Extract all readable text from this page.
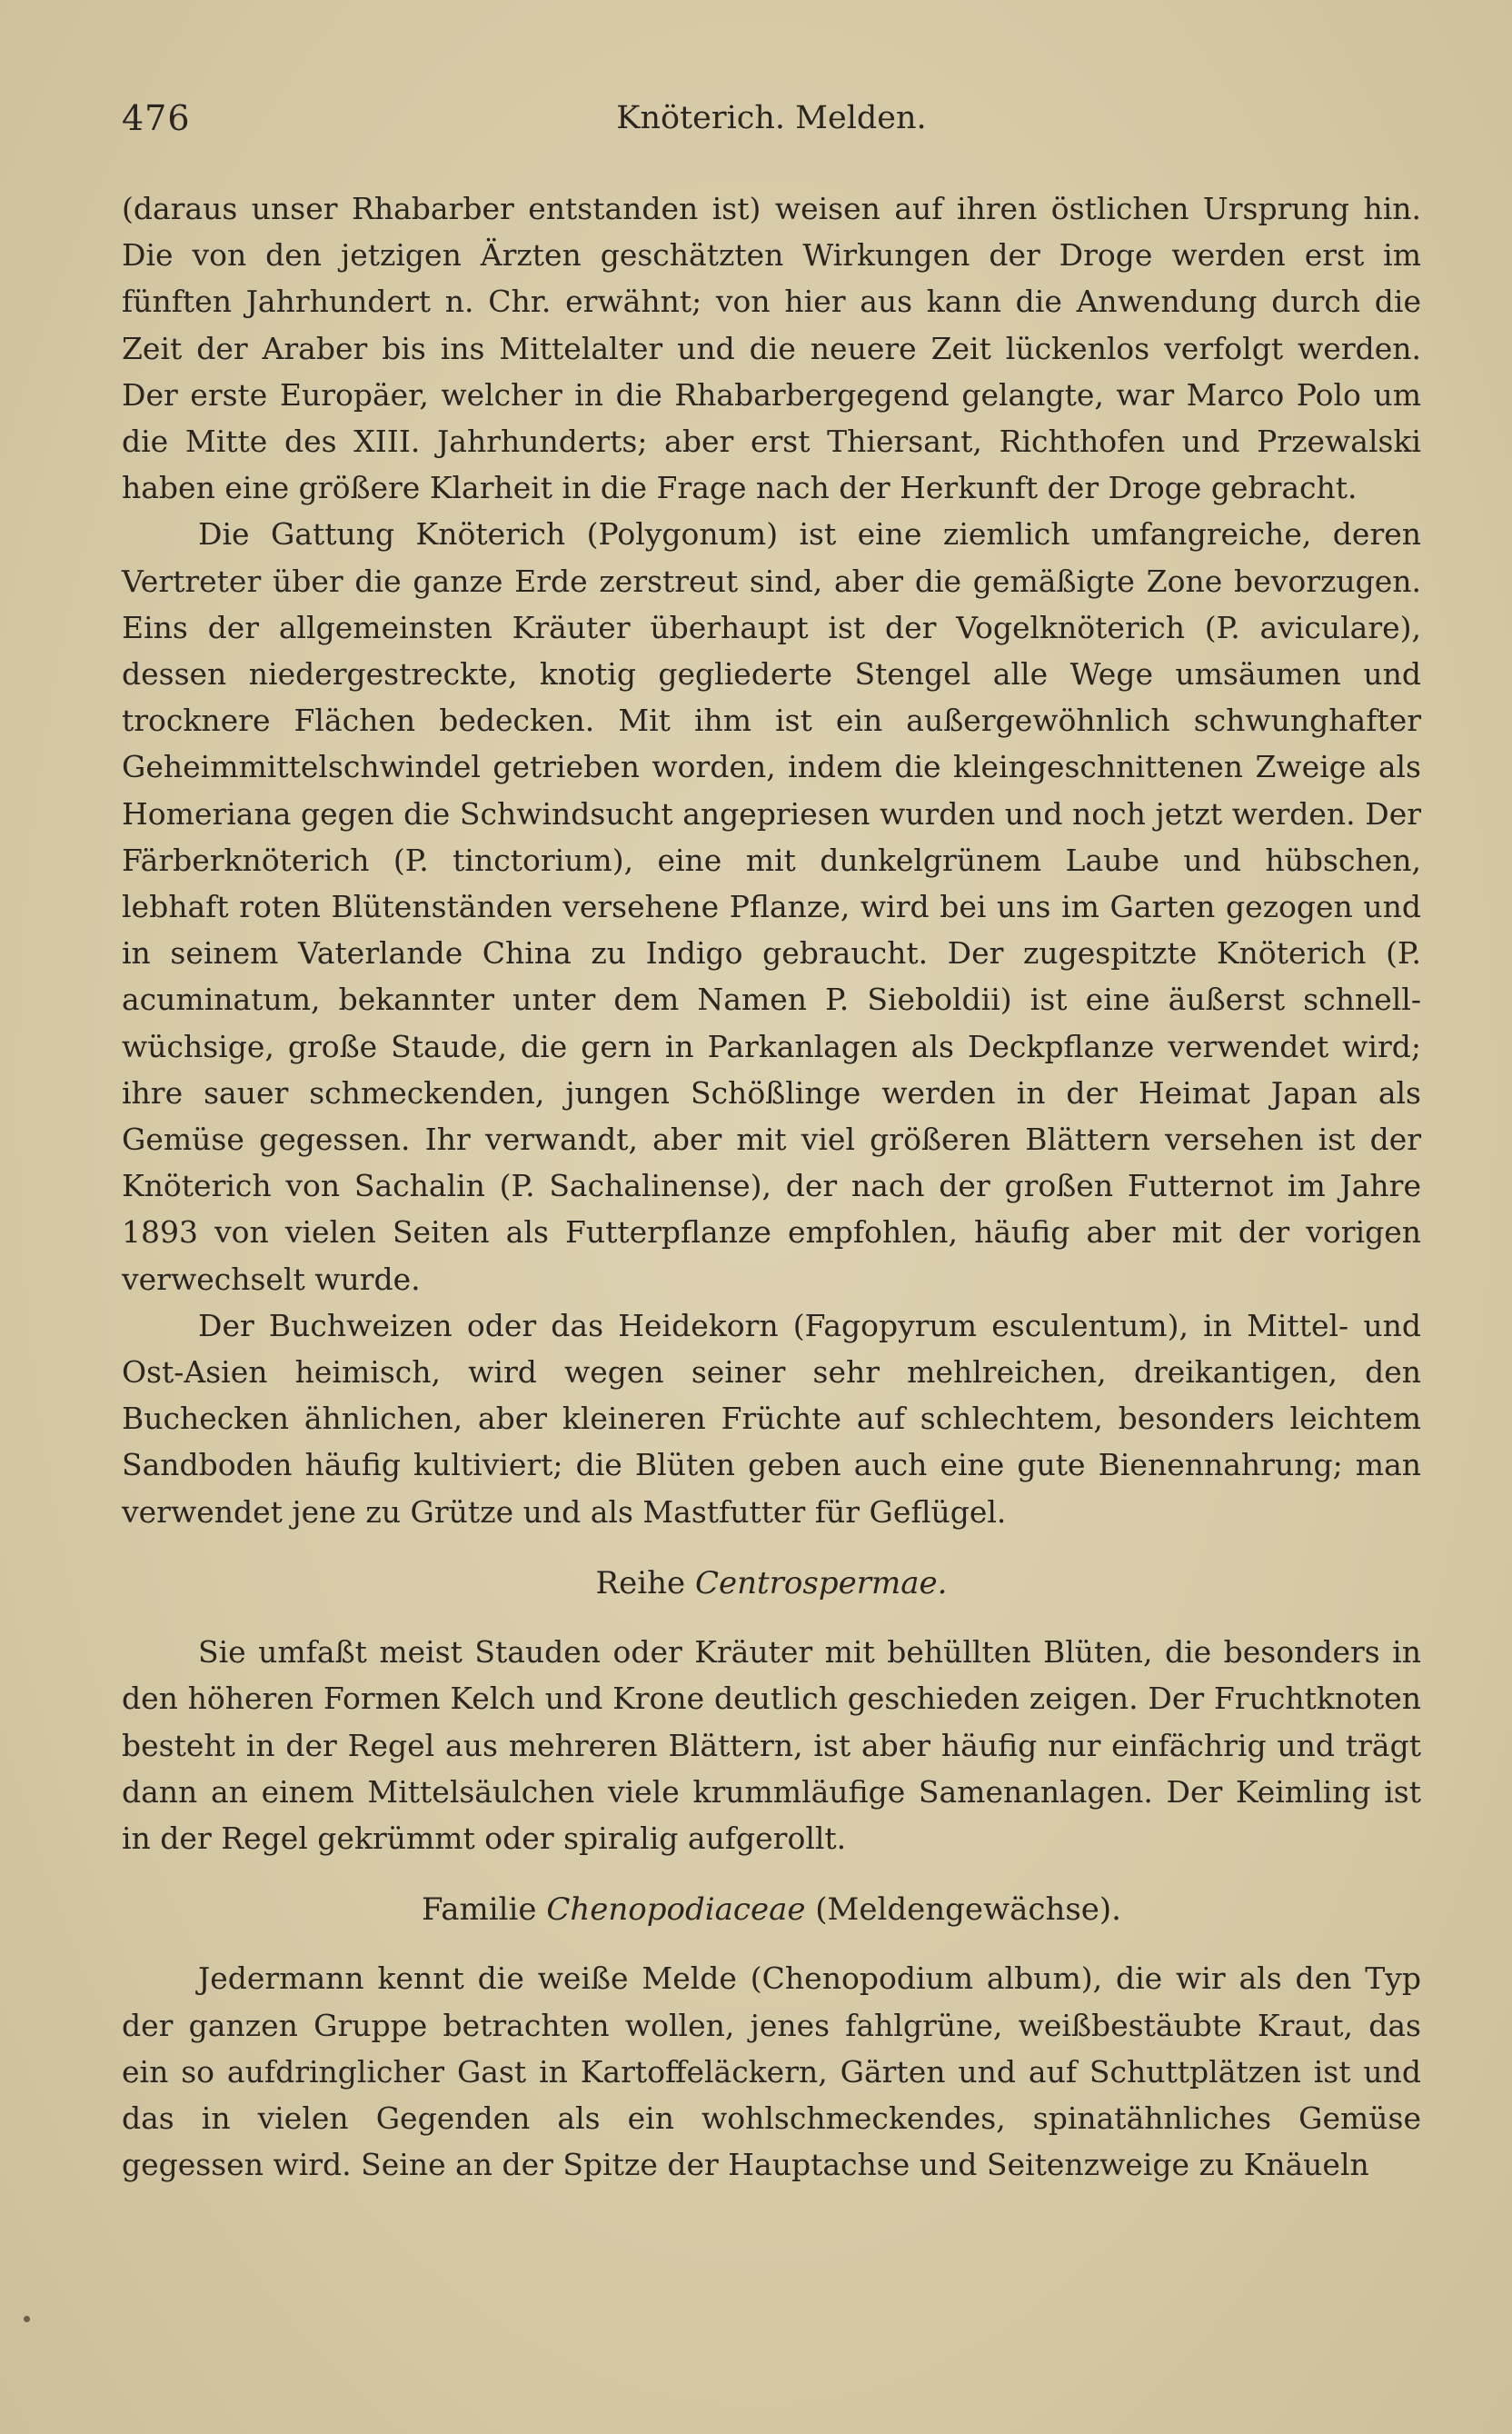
476	Knöterich. Melden.

(daraus unser Rhabarber entstanden ist) weisen auf ihren östlichen Ursprung hin. Die von den jetzigen Ärzten geschätzten Wirkungen der Droge werden erst im fünften Jahrhundert n. Chr. erwähnt; von hier aus kann die Anwendung durch die Zeit der Araber bis ins Mittelalter und die neuere Zeit lückenlos verfolgt werden. Der erste Europäer, welcher in die Rhabarbergegend gelangte, war Marco Polo um die Mitte des XIII. Jahrhunderts; aber erst Thiersant, Richthofen und Przewalski haben eine größere Klarheit in die Frage nach der Herkunft der Droge gebracht.

Die Gattung Knöterich (Polygonum) ist eine ziemlich umfangreiche, deren Vertreter über die ganze Erde zerstreut sind, aber die gemäßigte Zone bevorzugen. Eins der allgemeinsten Kräuter überhaupt ist der Vogelknöterich (P. aviculare), dessen niedergestreckte, knotig gegliederte Stengel alle Wege umsäumen und trocknere Flächen bedecken. Mit ihm ist ein außergewöhnlich schwunghafter Geheimmittelschwindel getrieben worden, indem die kleingeschnittenen Zweige als Homeriana gegen die Schwindsucht angepriesen wurden und noch jetzt werden. Der Färberknöterich (P. tinctorium), eine mit dunkelgrünem Laube und hübschen, lebhaft roten Blütenständen versehene Pflanze, wird bei uns im Garten gezogen und in seinem Vaterlande China zu Indigo gebraucht. Der zugespitzte Knöterich (P. acuminatum, bekannter unter dem Namen P. Sieboldii) ist eine äußerst schnellwüchsige, große Staude, die gern in Parkanlagen als Deckpflanze verwendet wird; ihre sauer schmeckenden, jungen Schößlinge werden in der Heimat Japan als Gemüse gegessen. Ihr verwandt, aber mit viel größeren Blättern versehen ist der Knöterich von Sachalin (P. Sachalinense), der nach der großen Futternot im Jahre 1893 von vielen Seiten als Futterpflanze empfohlen, häufig aber mit der vorigen verwechselt wurde.

Der Buchweizen oder das Heidekorn (Fagopyrum esculentum), in Mittel- und Ost-Asien heimisch, wird wegen seiner sehr mehlreichen, dreikantigen, den Buchecken ähnlichen, aber kleineren Früchte auf schlechtem, besonders leichtem Sandboden häufig kultiviert; die Blüten geben auch eine gute Bienennahrung; man verwendet jene zu Grütze und als Mastfutter für Geflügel.

Reihe Centrospermae.

Sie umfaßt meist Stauden oder Kräuter mit behüllten Blüten, die besonders in den höheren Formen Kelch und Krone deutlich geschieden zeigen. Der Fruchtknoten besteht in der Regel aus mehreren Blättern, ist aber häufig nur einfächrig und trägt dann an einem Mittelsäulchen viele krummläufige Samenanlagen. Der Keimling ist in der Regel gekrümmt oder spiralig aufgerollt.

Familie Chenopodiaceae (Meldengewächse).

Jedermann kennt die weiße Melde (Chenopodium album), die wir als den Typ der ganzen Gruppe betrachten wollen, jenes fahlgrüne, weißbestäubte Kraut, das ein so aufdringlicher Gast in Kartoffeläckern, Gärten und auf Schuttplätzen ist und das in vielen Gegenden als ein wohlschmeckendes, spinatähnliches Gemüse gegessen wird. Seine an der Spitze der Hauptachse und Seitenzweige zu Knäueln
